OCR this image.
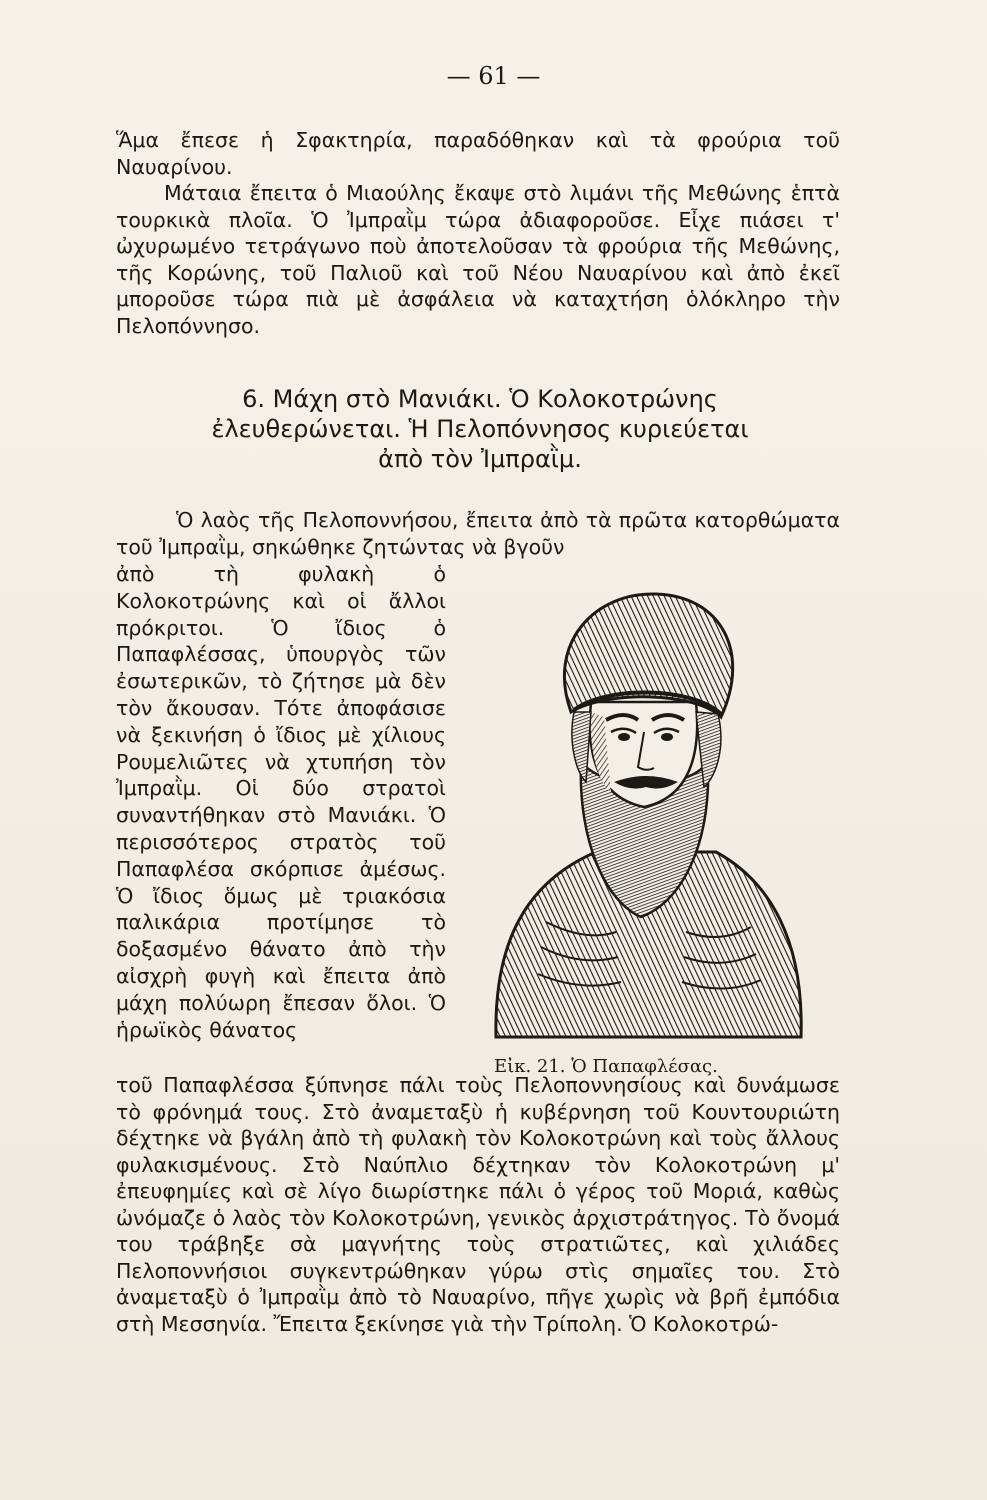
— 61 —

Ἅμα ἔπεσε ἡ Σφακτηρία, παραδόθηκαν καὶ τὰ φρούρια τοῦ Ναυαρίνου.

Μάταια ἔπειτα ὁ Μιαούλης ἔκαψε στὸ λιμάνι τῆς Μεθώνης ἑπτὰ τουρκικὰ πλοῖα. Ὁ Ἰμπραῒμ τώρα ἀδιαφοροῦσε. Εἶχε πιάσει τ' ὠχυρωμένο τετράγωνο ποὺ ἀποτελοῦσαν τὰ φρούρια τῆς Μεθώνης, τῆς Κορώνης, τοῦ Παλιοῦ καὶ τοῦ Νέου Ναυαρίνου καὶ ἀπὸ ἐκεῖ μποροῦσε τώρα πιὰ μὲ ἀσφάλεια νὰ καταχτήση ὁλόκληρο τὴν Πελοπόννησο.

6. Μάχη στὸ Μανιάκι. Ὁ Κολοκοτρώνης
ἐλευθερώνεται. Ἡ Πελοπόννησος κυριεύεται
ἀπὸ τὸν Ἰμπραῒμ.

Ὁ λαὸς τῆς Πελοποννήσου, ἔπειτα ἀπὸ τὰ πρῶτα κατορθώματα τοῦ Ἰμπραῒμ, σηκώθηκε ζητώντας νὰ βγοῦν

ἀπὸ τὴ φυλακὴ ὁ Κολοκοτρώνης καὶ οἱ ἄλλοι πρόκριτοι. Ὁ ἴδιος ὁ Παπαφλέσσας, ὑπουργὸς τῶν ἐσωτερικῶν, τὸ ζήτησε μὰ δὲν τὸν ἄκουσαν. Τότε ἀποφάσισε νὰ ξεκινήση ὁ ἴδιος μὲ χίλιους Ρουμελιῶτες νὰ χτυπήση τὸν Ἰμπραῒμ. Οἱ δύο στρατοὶ συναντήθηκαν στὸ Μανιάκι. Ὁ περισσότερος στρατὸς τοῦ Παπαφλέσα σκόρπισε ἀμέσως. Ὁ ἴδιος ὅμως μὲ τριακόσια παλικάρια προτίμησε τὸ δοξασμένο θάνατο ἀπὸ τὴν αἰσχρὴ φυγὴ καὶ ἔπειτα ἀπὸ μάχη πολύωρη ἔπεσαν ὅλοι. Ὁ ἡρωϊκὸς θάνατος
Εἰκ. 21. Ὁ Παπαφλέσας.
τοῦ Παπαφλέσσα ξύπνησε πάλι τοὺς Πελοποννησίους καὶ δυνάμωσε τὸ φρόνημά τους. Στὸ ἀναμεταξὺ ἡ κυβέρνηση τοῦ Κουντουριώτη δέχτηκε νὰ βγάλη ἀπὸ τὴ φυλακὴ τὸν Κολοκοτρώνη καὶ τοὺς ἄλλους φυλακισμένους. Στὸ Ναύπλιο δέχτηκαν τὸν Κολοκοτρώνη μ' ἐπευφημίες καὶ σὲ λίγο διωρίστηκε πάλι ὁ γέρος τοῦ Μοριά, καθὼς ὠνόμαζε ὁ λαὸς τὸν Κολοκοτρώνη, γενικὸς ἀρχιστράτηγος. Τὸ ὄνομά του τράβηξε σὰ μαγνήτης τοὺς στρατιῶτες, καὶ χιλιάδες Πελοποννήσιοι συγκεντρώθηκαν γύρω στὶς σημαῖες του. Στὸ ἀναμεταξὺ ὁ Ἰμπραῒμ ἀπὸ τὸ Ναυαρίνο, πῆγε χωρὶς νὰ βρῆ ἐμπόδια στὴ Μεσσηνία. Ἔπειτα ξεκίνησε γιὰ τὴν Τρίπολη. Ὁ Κολοκοτρώ-
